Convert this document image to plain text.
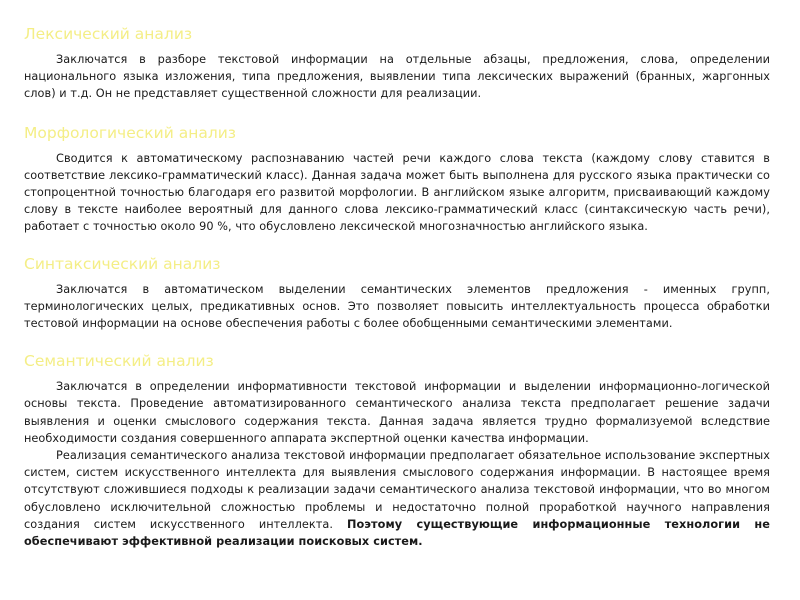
Лексический анализ

Заключатся в разборе текстовой информации на отдельные абзацы, предложения, слова, определении национального языка изложения, типа предложения, выявлении типа лексических выражений (бранных, жаргонных слов) и т.д. Он не представляет существенной сложности для реализации.

Морфологический анализ

Сводится к автоматическому распознаванию частей речи каждого слова текста (каждому слову ставится в соответствие лексико-грамматический класс). Данная задача может быть выполнена для русского языка практически со стопроцентной точностью благодаря его развитой морфологии. В английском языке алгоритм, присваивающий каждому слову в тексте наиболее вероятный для данного слова лексико-грамматический класс (синтаксическую часть речи), работает с точностью около 90 %, что обусловлено лексической многозначностью английского языка.

Синтаксический анализ

Заключатся в автоматическом выделении семантических элементов предложения - именных групп, терминологических целых, предикативных основ. Это позволяет повысить интеллектуальность процесса обработки тестовой информации на основе обеспечения работы с более обобщенными семантическими элементами.

Семантический анализ

Заключатся в определении информативности текстовой информации и выделении информационно-логической основы текста. Проведение автоматизированного семантического анализа текста предполагает решение задачи выявления и оценки смыслового содержания текста. Данная задача является трудно формализуемой вследствие необходимости создания совершенного аппарата экспертной оценки качества информации.

Реализация семантического анализа текстовой информации предполагает обязательное использование экспертных систем, систем искусственного интеллекта для выявления смыслового содержания информации. В настоящее время отсутствуют сложившиеся подходы к реализации задачи семантического анализа текстовой информации, что во многом обусловлено исключительной сложностью проблемы и недостаточно полной проработкой научного направления создания систем искусственного интеллекта. Поэтому существующие информационные технологии не обеспечивают эффективной реализации поисковых систем.
